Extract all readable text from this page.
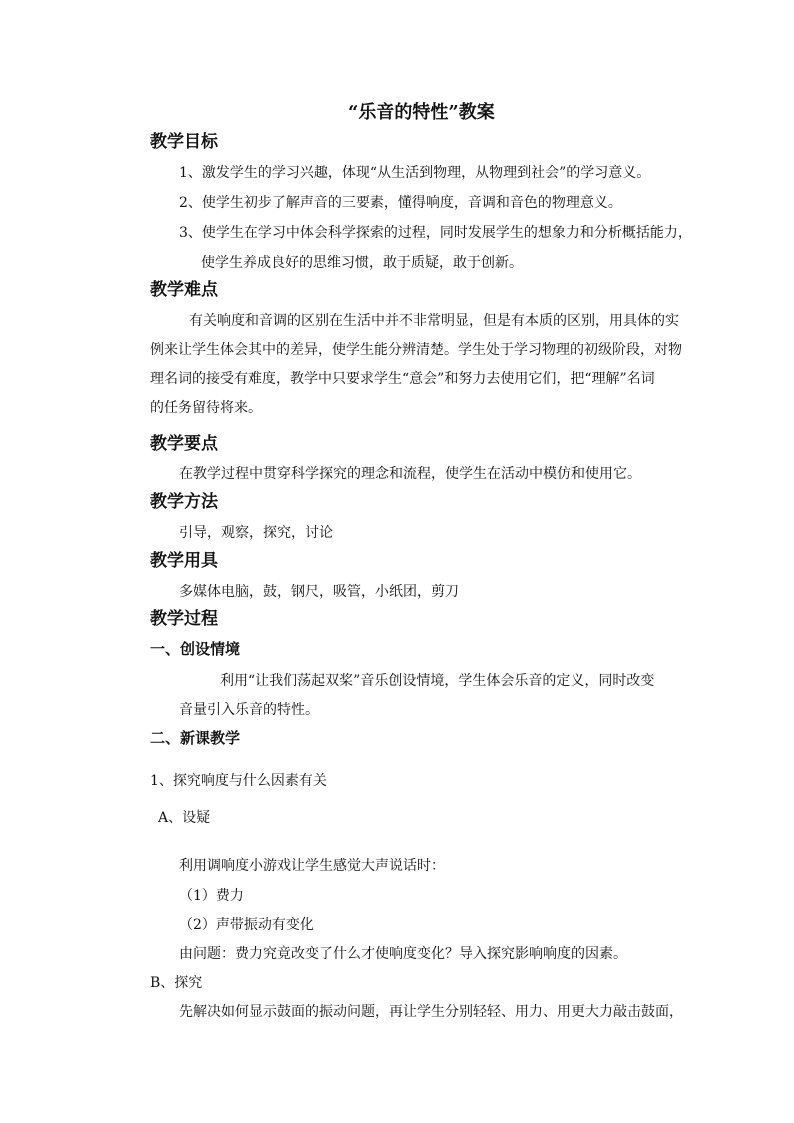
“乐音的特性”教案
教学目标
1、激发学生的学习兴趣，体现“从生活到物理，从物理到社会”的学习意义。
2、使学生初步了解声音的三要素，懂得响度，音调和音色的物理意义。
3、使学生在学习中体会科学探索的过程，同时发展学生的想象力和分析概括能力，
使学生养成良好的思维习惯，敢于质疑，敢于创新。
教学难点
有关响度和音调的区别在生活中并不非常明显，但是有本质的区别，用具体的实
例来让学生体会其中的差异，使学生能分辨清楚。学生处于学习物理的初级阶段，对物
理名词的接受有难度，教学中只要求学生“意会”和努力去使用它们，把“理解”名词
的任务留待将来。
教学要点
在教学过程中贯穿科学探究的理念和流程，使学生在活动中模仿和使用它。
教学方法
引导，观察，探究，讨论
教学用具
多媒体电脑，鼓，钢尺，吸管，小纸团，剪刀
教学过程
一、创设情境
利用“让我们荡起双桨”音乐创设情境，学生体会乐音的定义，同时改变
音量引入乐音的特性。
二、新课教学
1、探究响度与什么因素有关
A、设疑
利用调响度小游戏让学生感觉大声说话时：
（1）费力
（2）声带振动有变化
由问题：费力究竟改变了什么才使响度变化？导入探究影响响度的因素。
B、探究
先解决如何显示鼓面的振动问题，再让学生分别轻轻、用力、用更大力敲击鼓面，
